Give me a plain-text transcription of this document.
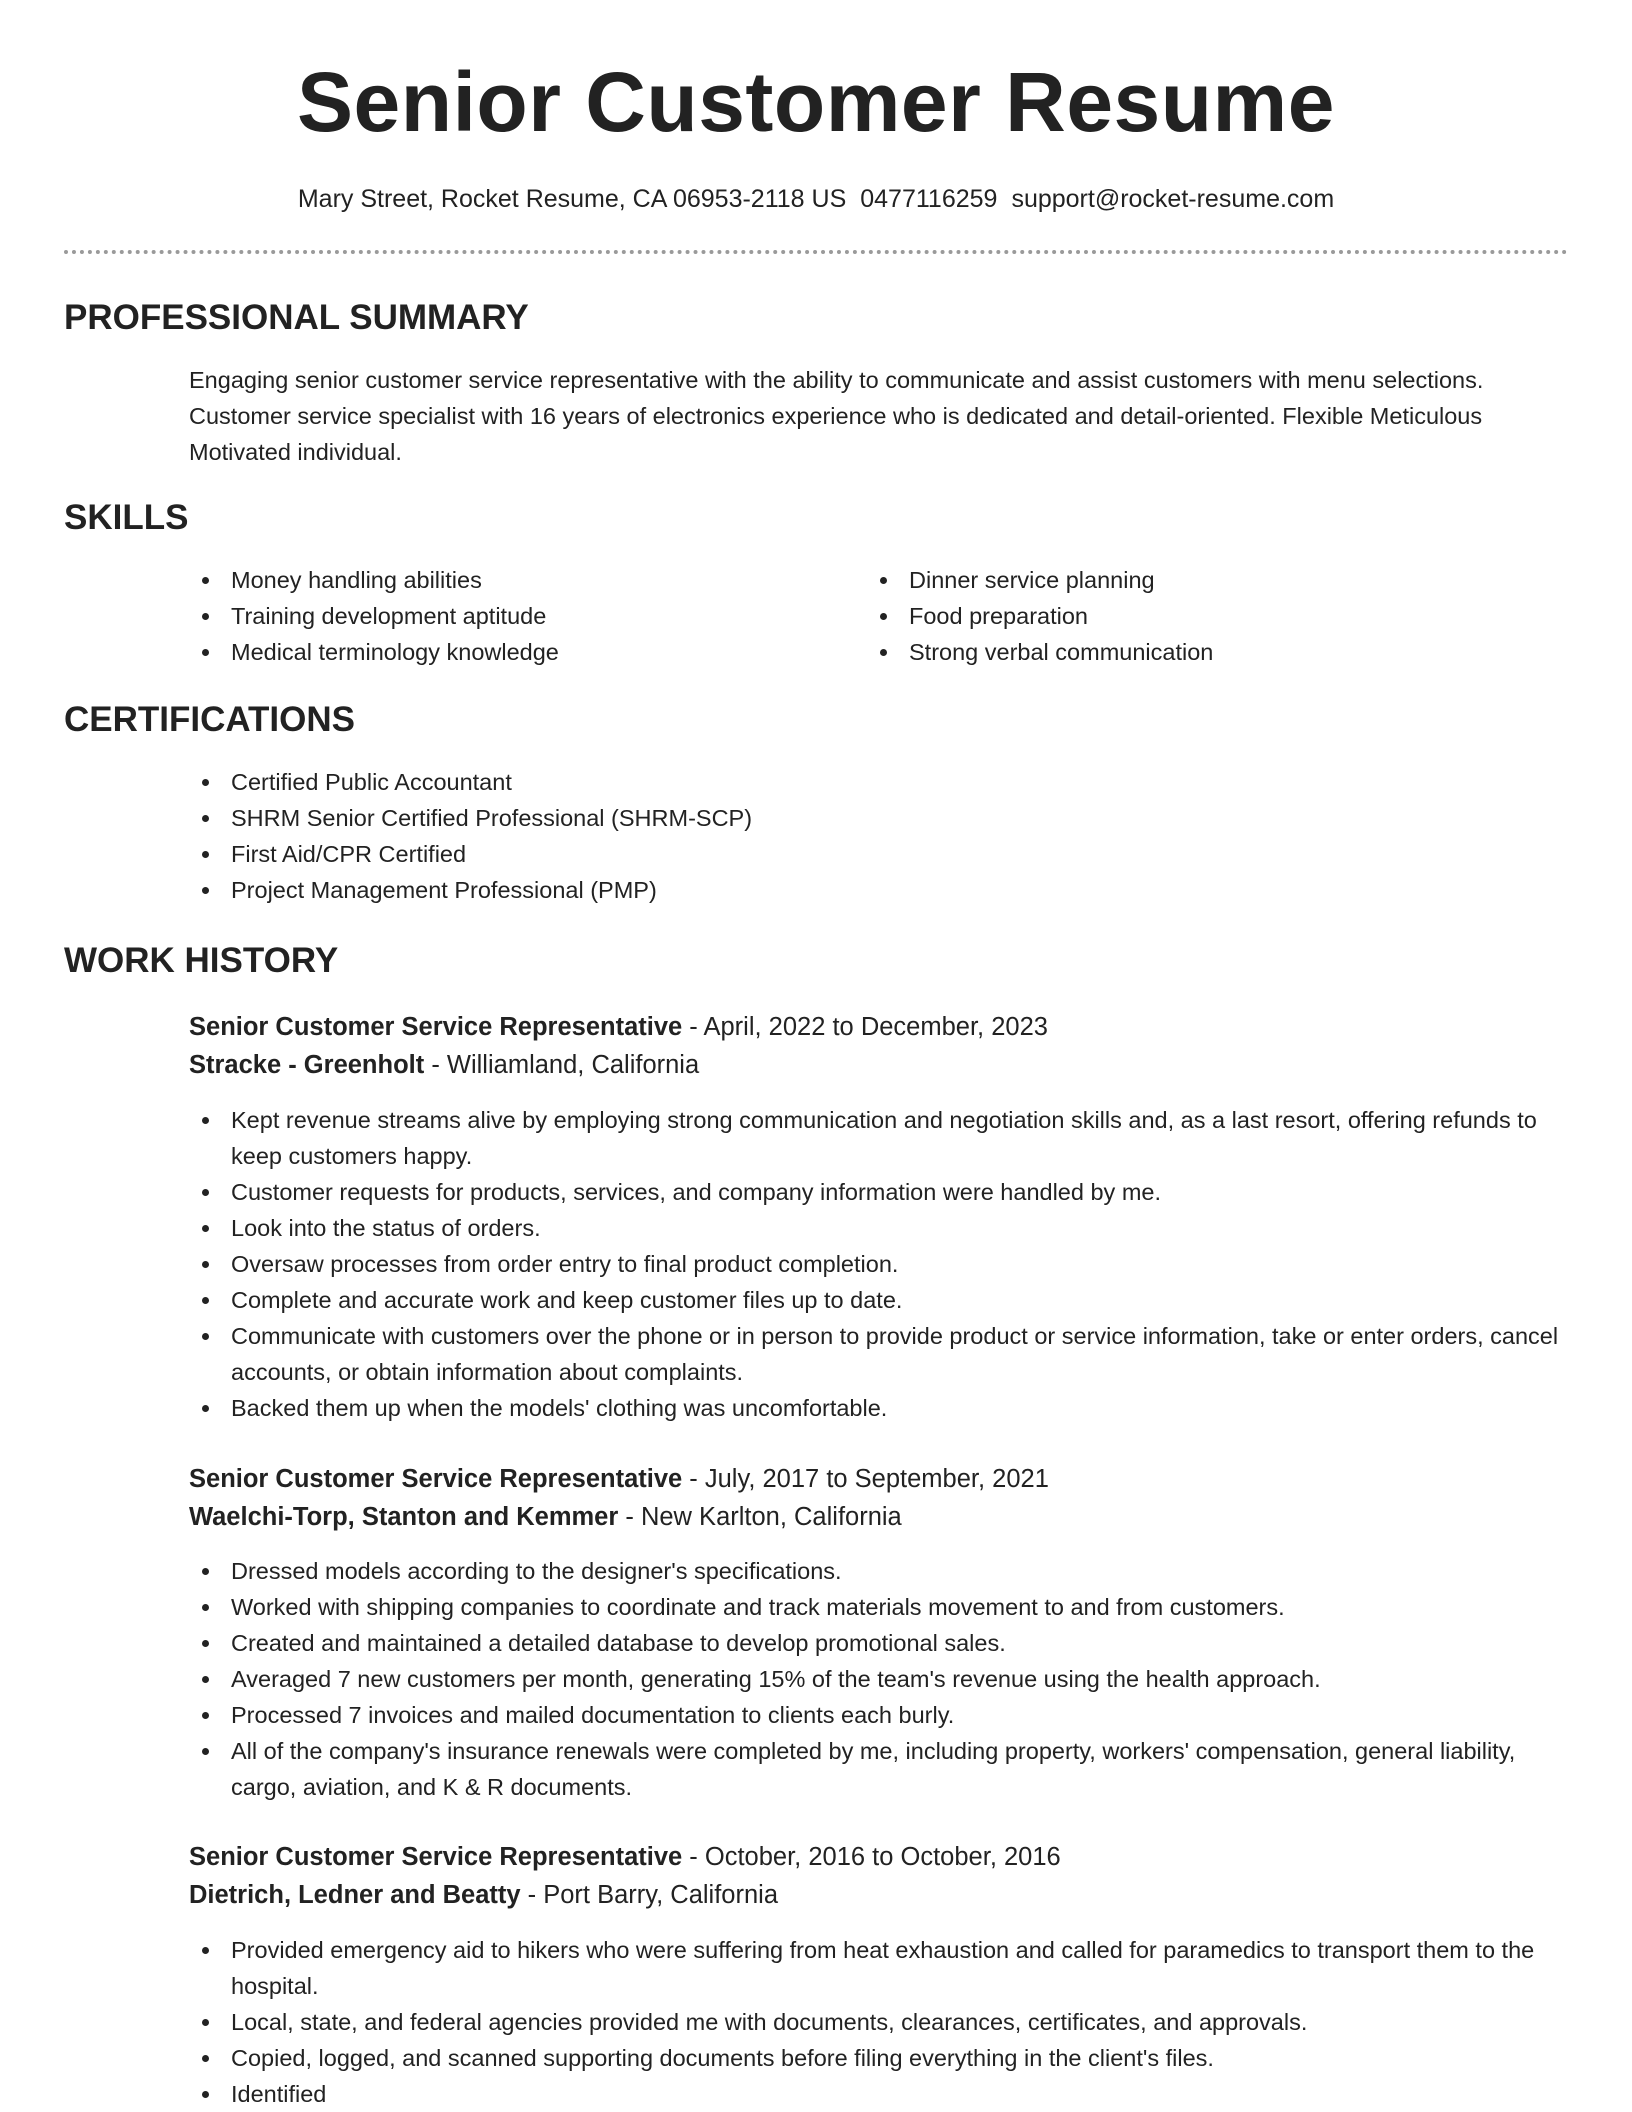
Senior Customer Resume
Mary Street, Rocket Resume, CA 06953-2118 US 0477116259 support@rocket-resume.com
PROFESSIONAL SUMMARY

Engaging senior customer service representative with the ability to communicate and assist customers with menu selections. Customer service specialist with 16 years of electronics experience who is dedicated and detail-oriented. Flexible Meticulous Motivated individual.

SKILLS
Money handling abilities
Training development aptitude
Medical terminology knowledge
Dinner service planning
Food preparation
Strong verbal communication
CERTIFICATIONS
Certified Public Accountant
SHRM Senior Certified Professional (SHRM-SCP)
First Aid/CPR Certified
Project Management Professional (PMP)
WORK HISTORY

Senior Customer Service Representative - April, 2022 to December, 2023

Stracke - Greenholt - Williamland, California

Kept revenue streams alive by employing strong communication and negotiation skills and, as a last resort, offering refunds to keep customers happy.
Customer requests for products, services, and company information were handled by me.
Look into the status of orders.
Oversaw processes from order entry to final product completion.
Complete and accurate work and keep customer files up to date.
Communicate with customers over the phone or in person to provide product or service information, take or enter orders, cancel accounts, or obtain information about complaints.
Backed them up when the models' clothing was uncomfortable.

Senior Customer Service Representative - July, 2017 to September, 2021

Waelchi-Torp, Stanton and Kemmer - New Karlton, California

Dressed models according to the designer's specifications.
Worked with shipping companies to coordinate and track materials movement to and from customers.
Created and maintained a detailed database to develop promotional sales.
Averaged 7 new customers per month, generating 15% of the team's revenue using the health approach.
Processed 7 invoices and mailed documentation to clients each burly.
All of the company's insurance renewals were completed by me, including property, workers' compensation, general liability, cargo, aviation, and K & R documents.

Senior Customer Service Representative - October, 2016 to October, 2016

Dietrich, Ledner and Beatty - Port Barry, California

Provided emergency aid to hikers who were suffering from heat exhaustion and called for paramedics to transport them to the hospital.
Local, state, and federal agencies provided me with documents, clearances, certificates, and approvals.
Copied, logged, and scanned supporting documents before filing everything in the client's files.
Identified
